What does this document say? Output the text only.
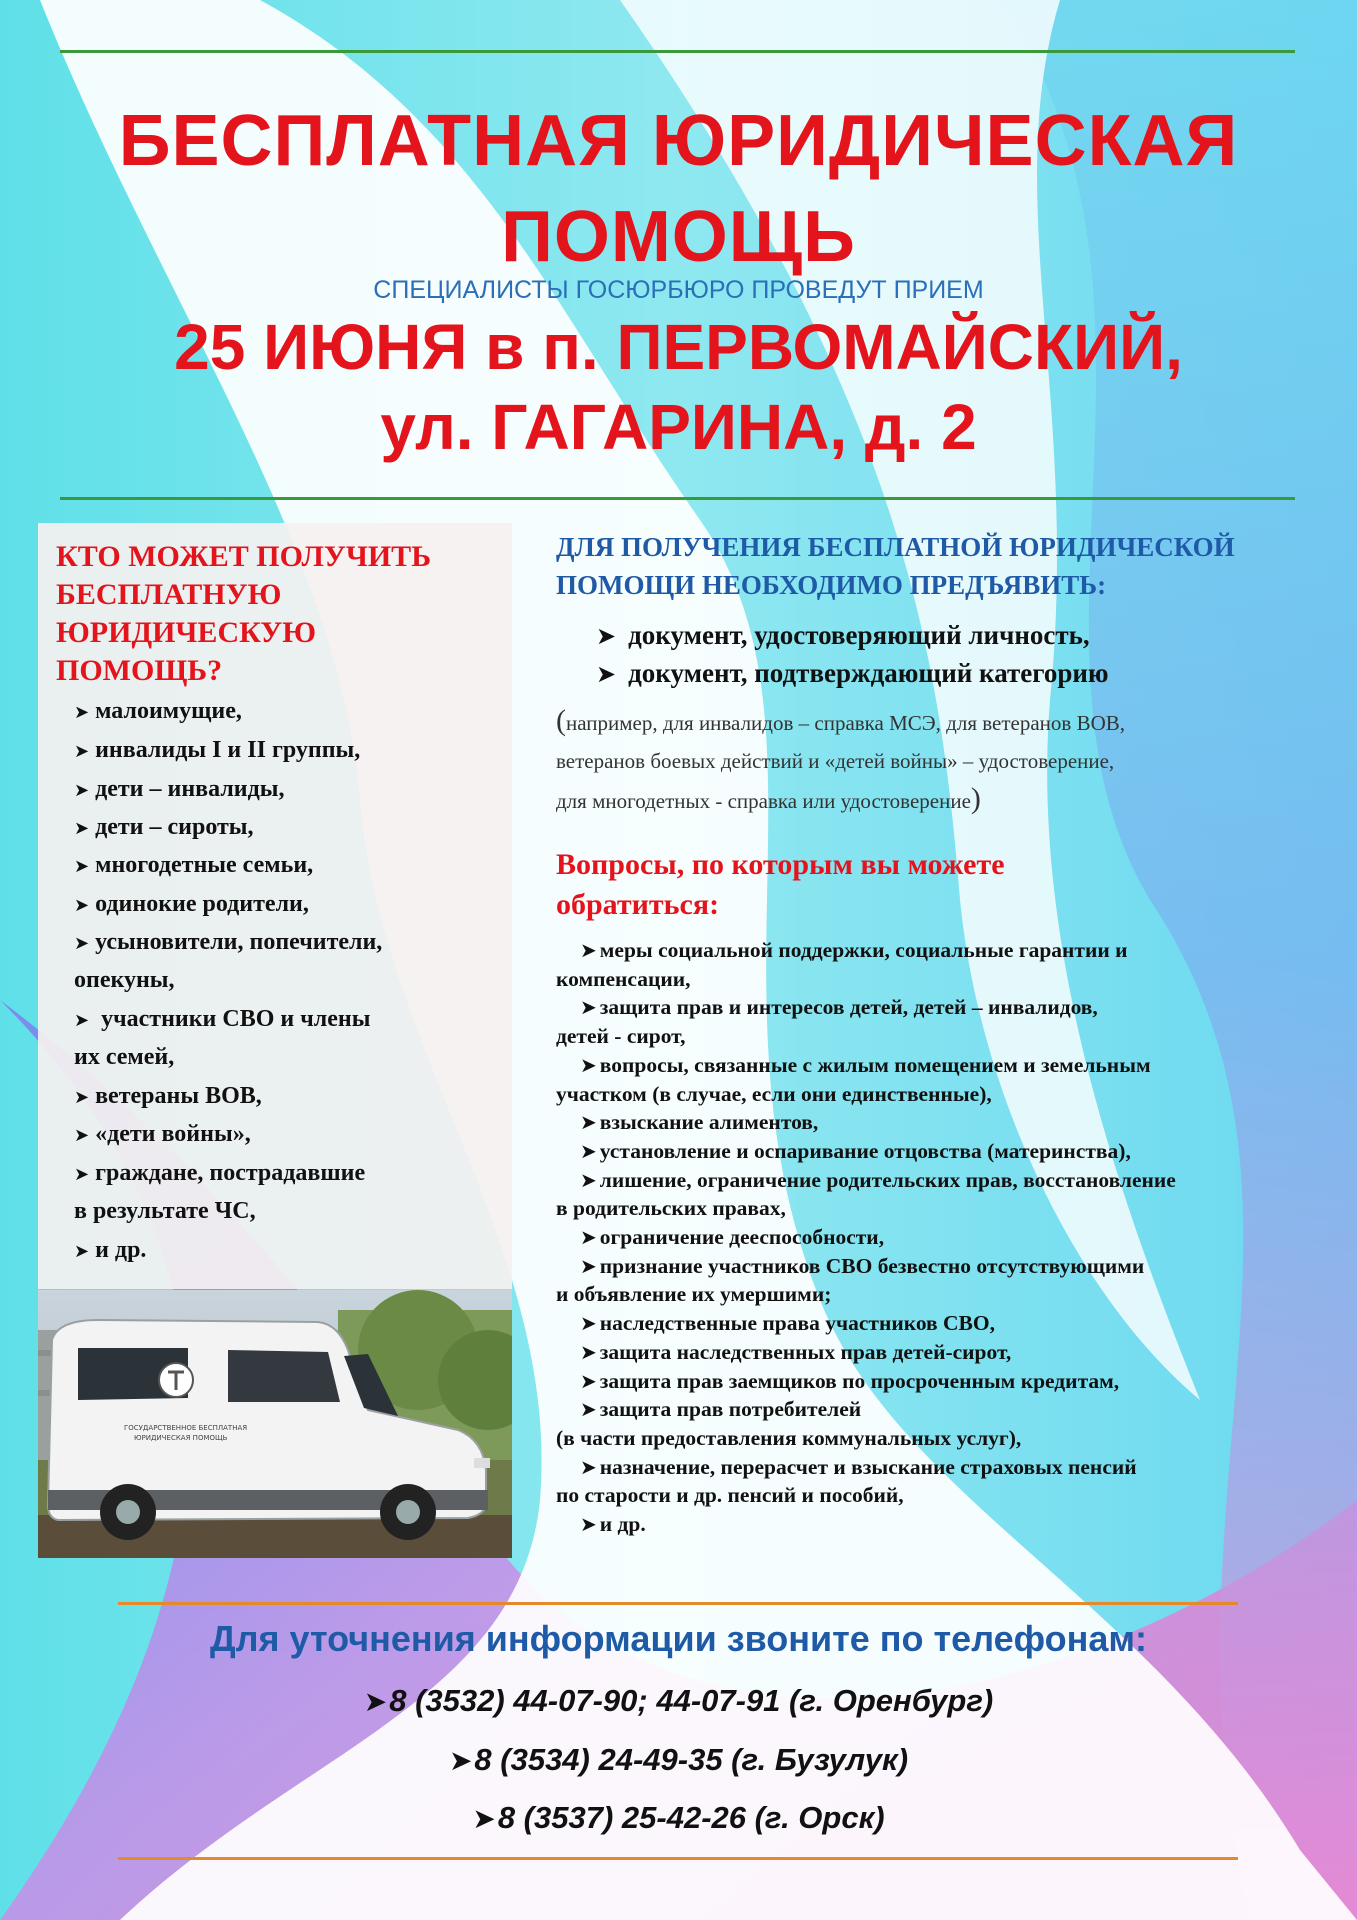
БЕСПЛАТНАЯ ЮРИДИЧЕСКАЯ
ПОМОЩЬ
СПЕЦИАЛИСТЫ ГОСЮРБЮРО ПРОВЕДУТ ПРИЕМ
25 ИЮНЯ в п. ПЕРВОМАЙСКИЙ,
ул. ГАГАРИНА, д. 2
КТО МОЖЕТ ПОЛУЧИТЬ
БЕСПЛАТНУЮ
ЮРИДИЧЕСКУЮ
ПОМОЩЬ?
➤ малоимущие,
➤ инвалиды I и II группы,
➤ дети – инвалиды,
➤ дети – сироты,
➤ многодетные семьи,
➤ одинокие родители,
➤ усыновители, попечители,
опекуны,
➤ участники СВО и члены
их семей,
➤ ветераны ВОВ,
➤ «дети войны»,
➤ граждане, пострадавшие
в результате ЧС,
➤ и др.
ГОСУДАРСТВЕННОЕ БЕСПЛАТНАЯ
ЮРИДИЧЕСКАЯ ПОМОЩЬ
ДЛЯ ПОЛУЧЕНИЯ БЕСПЛАТНОЙ ЮРИДИЧЕСКОЙ
ПОМОЩИ НЕОБХОДИМО ПРЕДЪЯВИТЬ:
➤ документ, удостоверяющий личность,
➤ документ, подтверждающий категорию
(например, для инвалидов – справка МСЭ, для ветеранов ВОВ,
ветеранов боевых действий и «детей войны» – удостоверение,
для многодетных - справка или удостоверение)
Вопросы, по которым вы можете
обратиться:
➤ меры социальной поддержки, социальные гарантии и
компенсации,
➤ защита прав и интересов детей, детей – инвалидов,
детей - сирот,
➤ вопросы, связанные с жилым помещением и земельным
участком (в случае, если они единственные),
➤ взыскание алиментов,
➤ установление и оспаривание отцовства (материнства),
➤ лишение, ограничение родительских прав, восстановление
в родительских правах,
➤ ограничение дееспособности,
➤ признание участников СВО безвестно отсутствующими
и объявление их умершими;
➤ наследственные права участников СВО,
➤ защита наследственных прав детей-сирот,
➤ защита прав заемщиков по просроченным кредитам,
➤ защита прав потребителей
(в части предоставления коммунальных услуг),
➤ назначение, перерасчет и взыскание страховых пенсий
по старости и др. пенсий и пособий,
➤ и др.
Для уточнения информации звоните по телефонам:
➤8 (3532) 44-07-90; 44-07-91 (г. Оренбург)
➤8 (3534) 24-49-35 (г. Бузулук)
➤8 (3537) 25-42-26 (г. Орск)
